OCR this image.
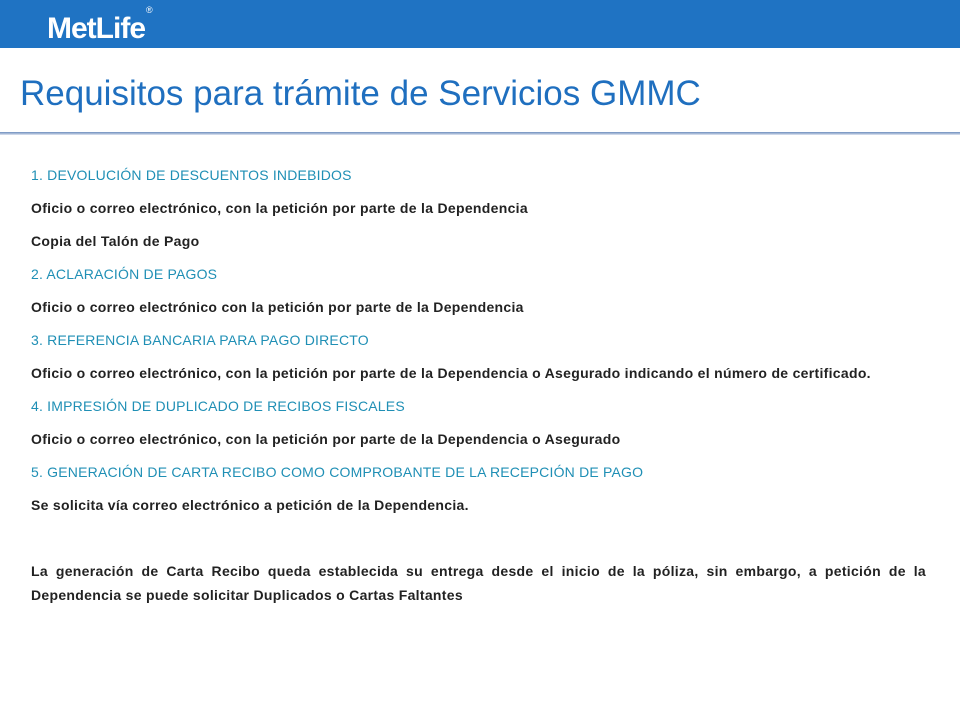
MetLife®
Requisitos para trámite de Servicios GMMC
1. DEVOLUCIÓN DE DESCUENTOS INDEBIDOS
Oficio o correo electrónico, con la petición por parte de la Dependencia
Copia del Talón de Pago
2. ACLARACIÓN DE PAGOS
Oficio o correo electrónico con la petición por parte de la Dependencia
3. REFERENCIA BANCARIA PARA PAGO DIRECTO
Oficio o correo electrónico, con la petición por parte de la Dependencia o Asegurado indicando el número de certificado.
4. IMPRESIÓN DE DUPLICADO DE RECIBOS FISCALES
Oficio o correo electrónico, con la petición por parte de la Dependencia o Asegurado
5. GENERACIÓN DE CARTA RECIBO COMO COMPROBANTE DE LA RECEPCIÓN DE PAGO
Se solicita vía correo electrónico a petición de la Dependencia.
La generación de Carta Recibo queda establecida su entrega desde el inicio de la póliza, sin embargo, a petición de la Dependencia se puede solicitar Duplicados o Cartas Faltantes
